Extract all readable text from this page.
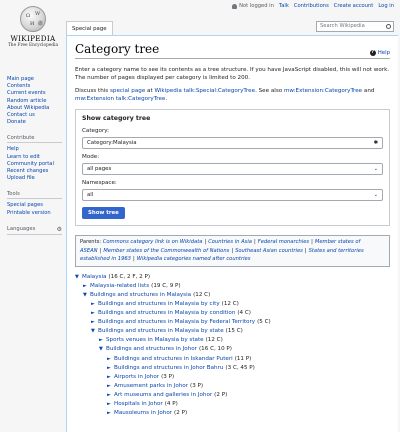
Not logged in Talk Contributions Create account Log in
Ω W
И 維
WIKIPEDIA
The Free Encyclopedia
Main page
Contents
Current events
Random article
About Wikipedia
Contact us
Donate
Contribute
Help
Learn to edit
Community portal
Recent changes
Upload file
Tools
Special pages
Printable version
Languages	⚙
Special page	Search Wikipedia
Category tree	? Help

Enter a category name to see its contents as a tree structure. If you have JavaScript disabled, this will not work. The number of pages displayed per category is limited to 200.

Discuss this special page at Wikipedia talk:Special:CategoryTree. See also mw:Extension:CategoryTree and mw:Extension talk:CategoryTree.

Show category tree
Category:
Category:Malaysia	✱
Mode:
all pages	⌄
Namespace:
all	⌄
Show tree
Parents: Commons category link is on Wikidata | Countries in Asia | Federal monarchies | Member states of ASEAN | Member states of the Commonwealth of Nations | Southeast Asian countries | States and territories established in 1963 | Wikipedia categories named after countries
▼ Malaysia (16 C, 2 F, 2 P)
► Malaysia-related lists (19 C, 9 P)
▼ Buildings and structures in Malaysia (12 C)
► Buildings and structures in Malaysia by city (12 C)
► Buildings and structures in Malaysia by condition (4 C)
► Buildings and structures in Malaysia by Federal Territory (5 C)
▼ Buildings and structures in Malaysia by state (15 C)
► Sports venues in Malaysia by state (12 C)
▼ Buildings and structures in Johor (16 C, 10 P)
► Buildings and structures in Iskandar Puteri (11 P)
► Buildings and structures in Johor Bahru (3 C, 45 P)
► Airports in Johor (3 P)
► Amusement parks in Johor (3 P)
► Art museums and galleries in Johor (2 P)
► Hospitals in Johor (4 P)
► Mausoleums in Johor (2 P)
